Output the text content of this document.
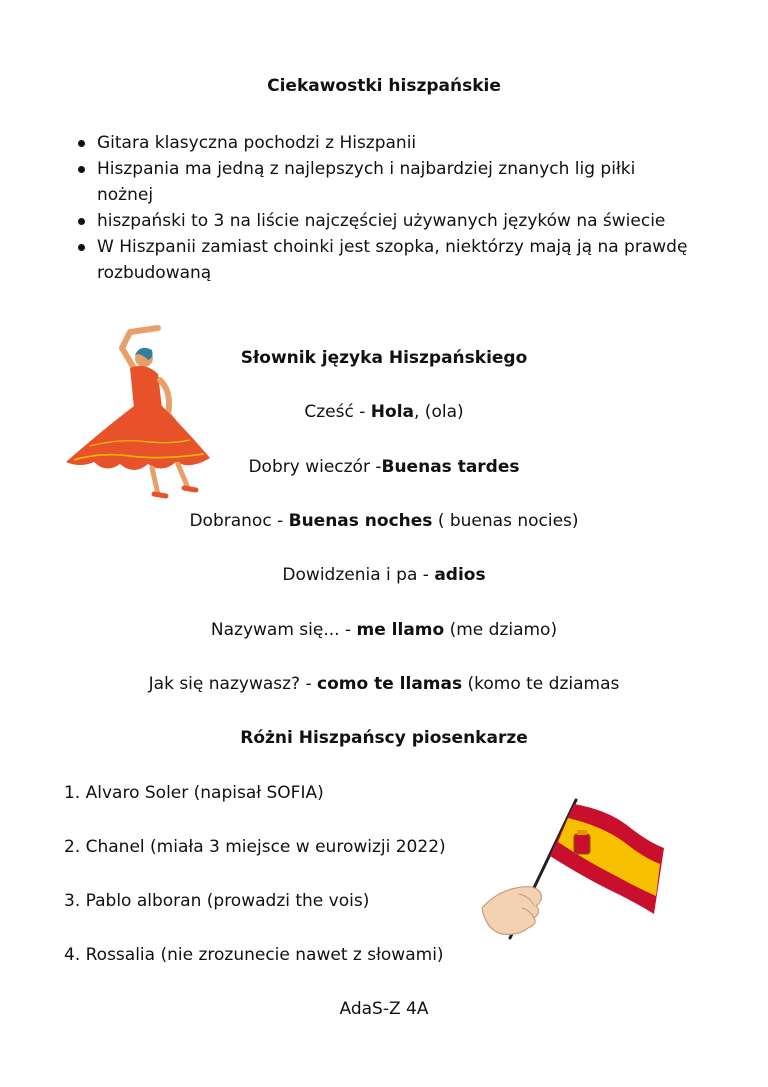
Ciekawostki hiszpańskie
Gitara klasyczna pochodzi z Hiszpanii
Hiszpania ma jedną z najlepszych i najbardziej znanych lig piłki nożnej
hiszpański to 3 na liście najczęściej używanych języków na świecie
W Hiszpanii zamiast choinki jest szopka, niektórzy mają ją na prawdę rozbudowaną
Słownik języka Hiszpańskiego
Cześć - Hola, (ola)
Dobry wieczór -Buenas tardes
Dobranoc - Buenas noches ( buenas nocies)
Dowidzenia i pa - adios
Nazywam się... - me llamo (me dziamo)
Jak się nazywasz? - como te llamas (komo te dziamas
Różni Hiszpańscy piosenkarze
1. Alvaro Soler (napisał SOFIA)
2. Chanel (miała 3 miejsce w eurowizji 2022)
3. Pablo alboran (prowadzi the vois)
4. Rossalia (nie zrozunecie nawet z słowami)
AdaS-Z 4A
